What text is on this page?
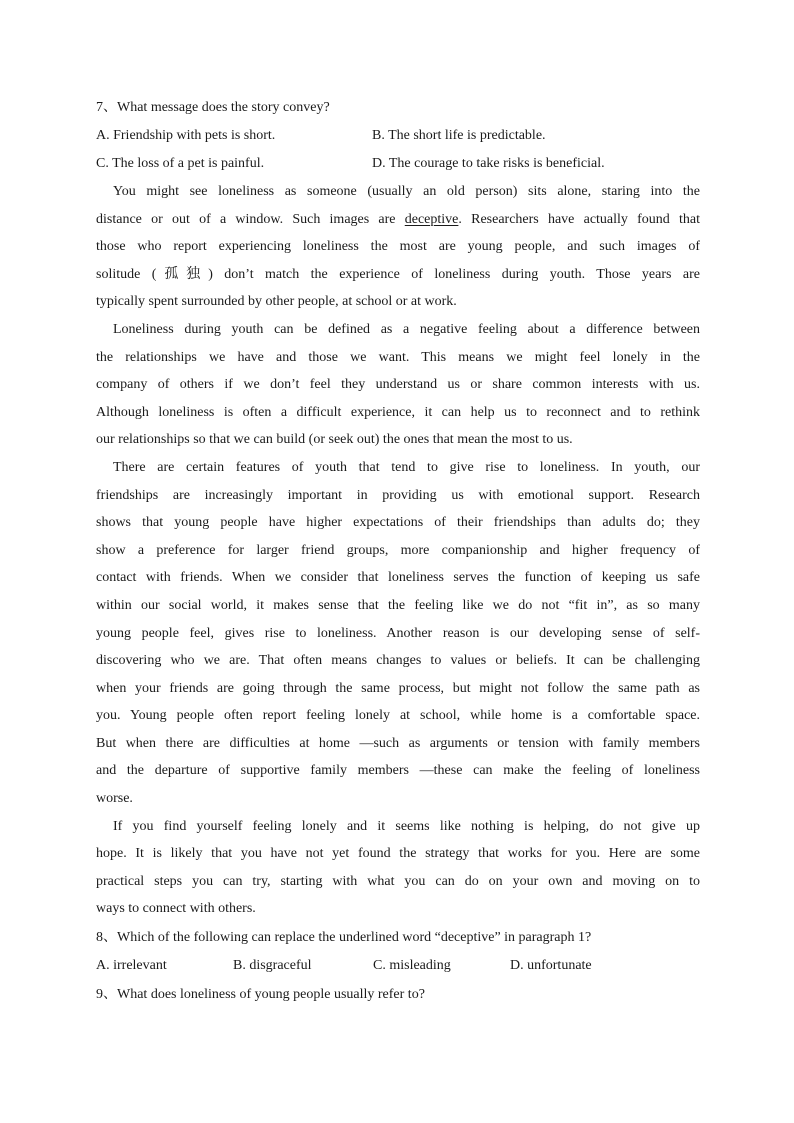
7、What message does the story convey?
A. Friendship with pets is short.	B. The short life is predictable.
C. The loss of a pet is painful.	D. The courage to take risks is beneficial.
You might see loneliness as someone (usually an old person) sits alone, staring into the
distance or out of a window. Such images are deceptive. Researchers have actually found that
those who report experiencing loneliness the most are young people, and such images of
solitude (孤独) don’t match the experience of loneliness during youth. Those years are
typically spent surrounded by other people, at school or at work.
Loneliness during youth can be defined as a negative feeling about a difference between
the relationships we have and those we want. This means we might feel lonely in the
company of others if we don’t feel they understand us or share common interests with us.
Although loneliness is often a difficult experience, it can help us to reconnect and to rethink
our relationships so that we can build (or seek out) the ones that mean the most to us.
There are certain features of youth that tend to give rise to loneliness. In youth, our
friendships are increasingly important in providing us with emotional support. Research
shows that young people have higher expectations of their friendships than adults do; they
show a preference for larger friend groups, more companionship and higher frequency of
contact with friends. When we consider that loneliness serves the function of keeping us safe
within our social world, it makes sense that the feeling like we do not “fit in”, as so many
young people feel, gives rise to loneliness. Another reason is our developing sense of self-
discovering who we are. That often means changes to values or beliefs. It can be challenging
when your friends are going through the same process, but might not follow the same path as
you. Young people often report feeling lonely at school, while home is a comfortable space.
But when there are difficulties at home —such as arguments or tension with family members
and the departure of supportive family members —these can make the feeling of loneliness
worse.
If you find yourself feeling lonely and it seems like nothing is helping, do not give up
hope. It is likely that you have not yet found the strategy that works for you. Here are some
practical steps you can try, starting with what you can do on your own and moving on to
ways to connect with others.
8、Which of the following can replace the underlined word “deceptive” in paragraph 1?
A. irrelevant	B. disgraceful	C. misleading	D. unfortunate
9、What does loneliness of young people usually refer to?
